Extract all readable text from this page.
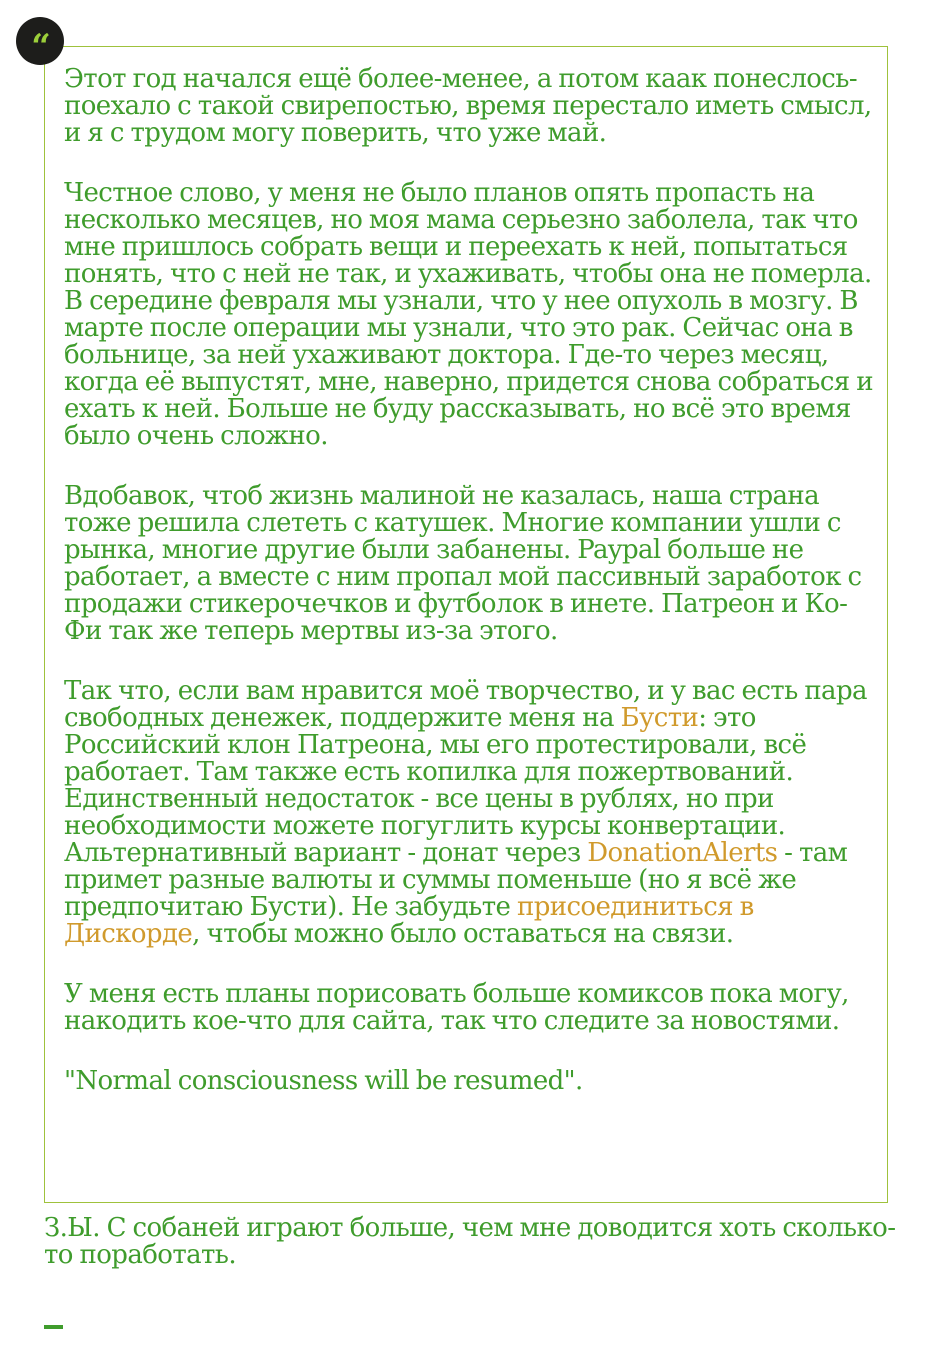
“

Этот год начался ещё более-менее, а потом каак понеслось-поехало с такой свирепостью, время перестало иметь смысл, и я с трудом могу поверить, что уже май.

Честное слово, у меня не было планов опять пропасть на несколько месяцев, но моя мама серьезно заболела, так что мне пришлось собрать вещи и переехать к ней, попытаться понять, что с ней не так, и ухаживать, чтобы она не померла. В середине февраля мы узнали, что у нее опухоль в мозгу. В марте после операции мы узнали, что это рак. Сейчас она в больнице, за ней ухаживают доктора. Где-то через месяц, когда её выпустят, мне, наверно, придется снова собраться и ехать к ней. Больше не буду рассказывать, но всё это время было очень сложно.

Вдобавок, чтоб жизнь малиной не казалась, наша страна тоже решила слететь с катушек. Многие компании ушли с рынка, многие другие были забанены. Paypal больше не работает, а вместе с ним пропал мой пассивный заработок с продажи стикерочечков и футболок в инете. Патреон и Ко-Фи так же теперь мертвы из-за этого.

Так что, если вам нравится моё творчество, и у вас есть пара свободных денежек, поддержите меня на Бусти: это Российский клон Патреона, мы его протестировали, всё работает. Там также есть копилка для пожертвований. Единственный недостаток - все цены в рублях, но при необходимости можете погуглить курсы конвертации. Альтернативный вариант - донат через DonationAlerts - там примет разные валюты и суммы поменьше (но я всё же предпочитаю Бусти). Не забудьте присоединиться в Дискорде, чтобы можно было оставаться на связи.

У меня есть планы порисовать больше комиксов пока могу, накодить кое-что для сайта, так что следите за новостями.

"Normal consciousness will be resumed".

З.Ы. С собаней играют больше, чем мне доводится хоть сколько-то поработать.
